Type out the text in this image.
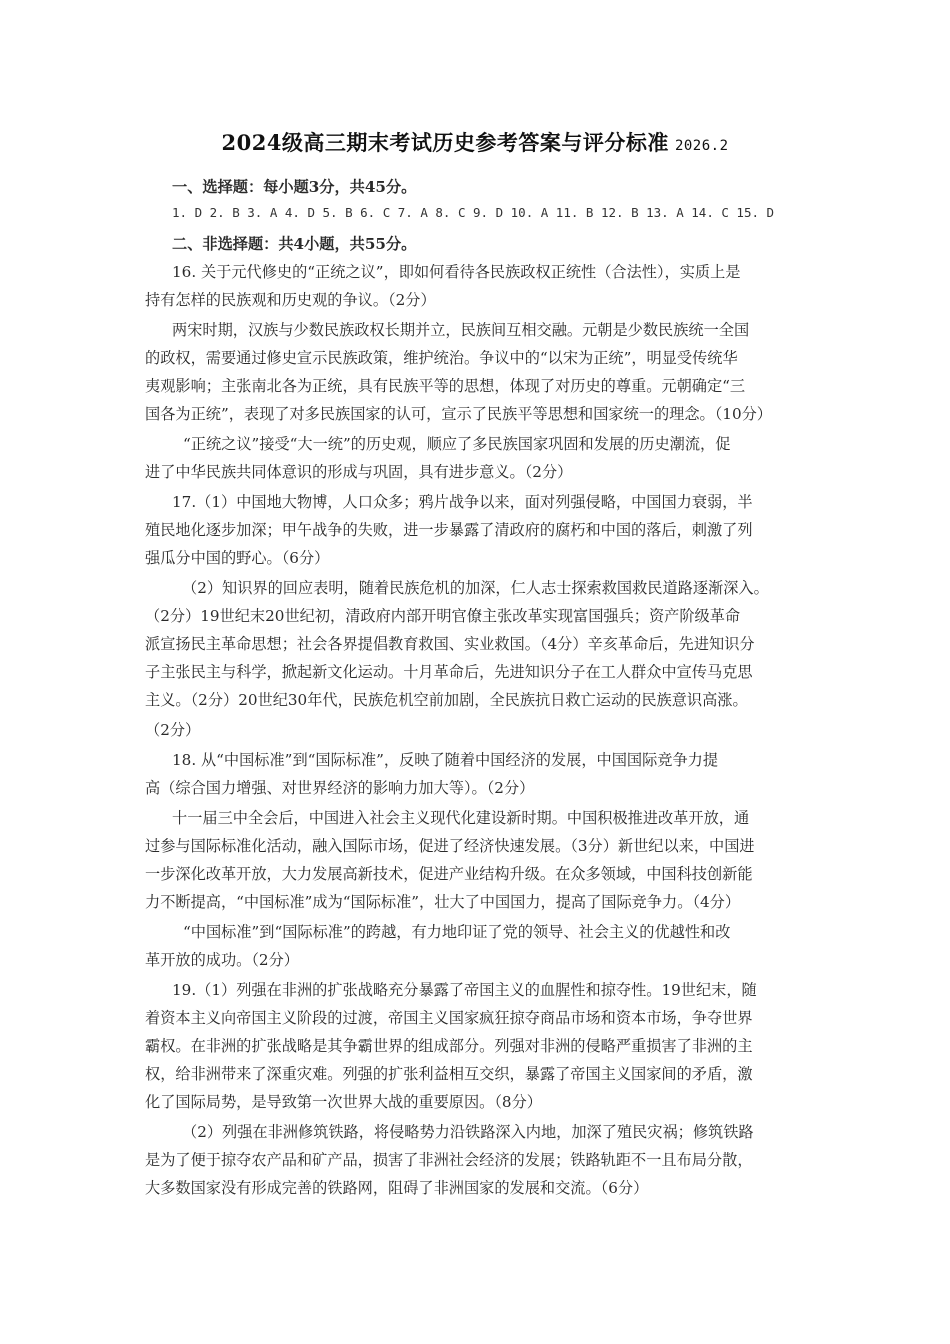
2024级高三期末考试历史参考答案与评分标准 2026.2
一、选择题：每小题3分，共45分。
1. D 2. B 3. A 4. D 5. B 6. C 7. A 8. C 9. D 10. A 11. B 12. B 13. A 14. C 15. D
二、非选择题：共4小题，共55分。
16. 关于元代修史的“正统之议”，即如何看待各民族政权正统性（合法性），实质上是
持有怎样的民族观和历史观的争议。（2分）
两宋时期，汉族与少数民族政权长期并立，民族间互相交融。元朝是少数民族统一全国
的政权，需要通过修史宣示民族政策，维护统治。争议中的“以宋为正统”，明显受传统华
夷观影响；主张南北各为正统，具有民族平等的思想，体现了对历史的尊重。元朝确定“三
国各为正统”，表现了对多民族国家的认可，宣示了民族平等思想和国家统一的理念。（10分）
“正统之议”接受“大一统”的历史观，顺应了多民族国家巩固和发展的历史潮流，促
进了中华民族共同体意识的形成与巩固，具有进步意义。（2分）
17.（1）中国地大物博，人口众多；鸦片战争以来，面对列强侵略，中国国力衰弱，半
殖民地化逐步加深；甲午战争的失败，进一步暴露了清政府的腐朽和中国的落后，刺激了列
强瓜分中国的野心。（6分）
（2）知识界的回应表明，随着民族危机的加深，仁人志士探索救国救民道路逐渐深入。
（2分）19世纪末20世纪初，清政府内部开明官僚主张改革实现富国强兵；资产阶级革命
派宣扬民主革命思想；社会各界提倡教育救国、实业救国。（4分）辛亥革命后，先进知识分
子主张民主与科学，掀起新文化运动。十月革命后，先进知识分子在工人群众中宣传马克思
主义。（2分）20世纪30年代，民族危机空前加剧，全民族抗日救亡运动的民族意识高涨。
（2分）
18. 从“中国标准”到“国际标准”，反映了随着中国经济的发展，中国国际竞争力提
高（综合国力增强、对世界经济的影响力加大等）。（2分）
十一届三中全会后，中国进入社会主义现代化建设新时期。中国积极推进改革开放，通
过参与国际标准化活动，融入国际市场，促进了经济快速发展。（3分）新世纪以来，中国进
一步深化改革开放，大力发展高新技术，促进产业结构升级。在众多领域，中国科技创新能
力不断提高，“中国标准”成为“国际标准”，壮大了中国国力，提高了国际竞争力。（4分）
“中国标准”到“国际标准”的跨越，有力地印证了党的领导、社会主义的优越性和改
革开放的成功。（2分）
19.（1）列强在非洲的扩张战略充分暴露了帝国主义的血腥性和掠夺性。19世纪末，随
着资本主义向帝国主义阶段的过渡，帝国主义国家疯狂掠夺商品市场和资本市场，争夺世界
霸权。在非洲的扩张战略是其争霸世界的组成部分。列强对非洲的侵略严重损害了非洲的主
权，给非洲带来了深重灾难。列强的扩张利益相互交织，暴露了帝国主义国家间的矛盾，激
化了国际局势，是导致第一次世界大战的重要原因。（8分）
（2）列强在非洲修筑铁路，将侵略势力沿铁路深入内地，加深了殖民灾祸；修筑铁路
是为了便于掠夺农产品和矿产品，损害了非洲社会经济的发展；铁路轨距不一且布局分散，
大多数国家没有形成完善的铁路网，阻碍了非洲国家的发展和交流。（6分）
